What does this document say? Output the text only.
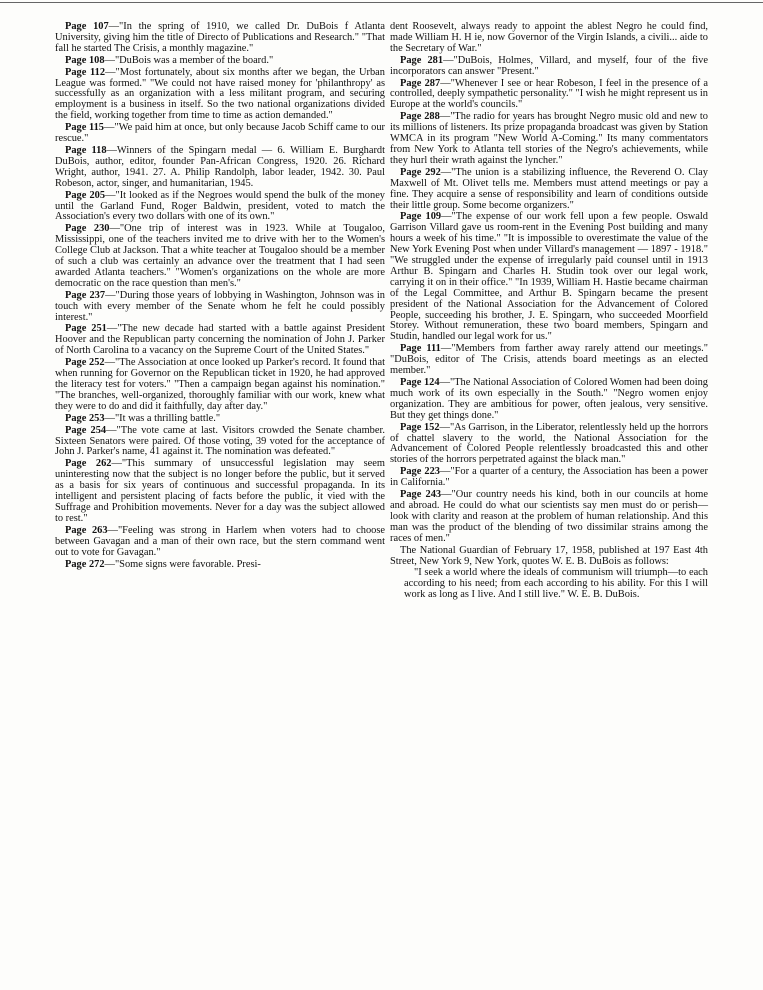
Page 107—"In the spring of 1910, we called Dr. DuBois f Atlanta University, giving him the title of Directo of Publications and Research." "That fall he started The Crisis, a monthly magazine."

Page 108—"DuBois was a member of the board."

Page 112—"Most fortunately, about six months after we began, the Urban League was formed." "We could not have raised money for 'philanthropy' as successfully as an organization with a less militant program, and securing employment is a business in itself. So the two national organizations divided the field, working together from time to time as action demanded."

Page 115—"We paid him at once, but only because Jacob Schiff came to our rescue."

Page 118—Winners of the Spingarn medal — 6. William E. Burghardt DuBois, author, editor, founder Pan-African Congress, 1920. 26. Richard Wright, author, 1941. 27. A. Philip Randolph, labor leader, 1942. 30. Paul Robeson, actor, singer, and humanitarian, 1945.

Page 205—"It looked as if the Negroes would spend the bulk of the money until the Garland Fund, Roger Baldwin, president, voted to match the Association's every two dollars with one of its own."

Page 230—"One trip of interest was in 1923. While at Tougaloo, Mississippi, one of the teachers invited me to drive with her to the Women's College Club at Jackson. That a white teacher at Tougaloo should be a member of such a club was certainly an advance over the treatment that I had seen awarded Atlanta teachers." "Women's organizations on the whole are more democratic on the race question than men's."

Page 237—"During those years of lobbying in Washington, Johnson was in touch with every member of the Senate whom he felt he could possibly interest."

Page 251—"The new decade had started with a battle against President Hoover and the Republican party concerning the nomination of John J. Parker of North Carolina to a vacancy on the Supreme Court of the United States."

Page 252—"The Association at once looked up Parker's record. It found that when running for Governor on the Republican ticket in 1920, he had approved the literacy test for voters." "Then a campaign began against his nomination." "The branches, well-organized, thoroughly familiar with our work, knew what they were to do and did it faithfully, day after day."

Page 253—"It was a thrilling battle."

Page 254—"The vote came at last. Visitors crowded the Senate chamber. Sixteen Senators were paired. Of those voting, 39 voted for the acceptance of John J. Parker's name, 41 against it. The nomination was defeated."

Page 262—"This summary of unsuccessful legislation may seem uninteresting now that the subject is no longer before the public, but it served as a basis for six years of continuous and successful propaganda. In its intelligent and persistent placing of facts before the public, it vied with the Suffrage and Prohibition movements. Never for a day was the subject allowed to rest."

Page 263—"Feeling was strong in Harlem when voters had to choose between Gavagan and a man of their own race, but the stern command went out to vote for Gavagan."

Page 272—"Some signs were favorable. Presi-

dent Roosevelt, always ready to appoint the ablest Negro he could find, made William H. H ie, now Governor of the Virgin Islands, a civili... aide to the Secretary of War."

Page 281—"DuBois, Holmes, Villard, and myself, four of the five incorporators can answer "Present."

Page 287—"Whenever I see or hear Robeson, I feel in the presence of a controlled, deeply sympathetic personality." "I wish he might represent us in Europe at the world's councils."

Page 288—"The radio for years has brought Negro music old and new to its millions of listeners. Its prize propaganda broadcast was given by Station WMCA in its program "New World A-Coming." Its many commentators from New York to Atlanta tell stories of the Negro's achievements, while they hurl their wrath against the lyncher."

Page 292—"The union is a stabilizing influence, the Reverend O. Clay Maxwell of Mt. Olivet tells me. Members must attend meetings or pay a fine. They acquire a sense of responsibility and learn of conditions outside their little group. Some become organizers."

Page 109—"The expense of our work fell upon a few people. Oswald Garrison Villard gave us room-rent in the Evening Post building and many hours a week of his time." "It is impossible to overestimate the value of the New York Evening Post when under Villard's management — 1897 - 1918." "We struggled under the expense of irregularly paid counsel until in 1913 Arthur B. Spingarn and Charles H. Studin took over our legal work, carrying it on in their office." "In 1939, William H. Hastie became chairman of the Legal Committee, and Arthur B. Spingarn became the present president of the National Association for the Advancement of Colored People, succeeding his brother, J. E. Spingarn, who succeeded Moorfield Storey. Without remuneration, these two board members, Spingarn and Studin, handled our legal work for us."

Page 111—"Members from farther away rarely attend our meetings." "DuBois, editor of The Crisis, attends board meetings as an elected member."

Page 124—"The National Association of Colored Women had been doing much work of its own especially in the South." "Negro women enjoy organization. They are ambitious for power, often jealous, very sensitive. But they get things done."

Page 152—"As Garrison, in the Liberator, relentlessly held up the horrors of chattel slavery to the world, the National Association for the Advancement of Colored People relentlessly broadcasted this and other stories of the horrors perpetrated against the black man."

Page 223—"For a quarter of a century, the Association has been a power in California."

Page 243—"Our country needs his kind, both in our councils at home and abroad. He could do what our scientists say men must do or perish—look with clarity and reason at the problem of human relationship. And this man was the product of the blending of two dissimilar strains among the races of men."

The National Guardian of February 17, 1958, published at 197 East 4th Street, New York 9, New York, quotes W. E. B. DuBois as follows:

"I seek a world where the ideals of communism will triumph—to each according to his need; from each according to his ability. For this I will work as long as I live. And I still live." W. E. B. DuBois.
